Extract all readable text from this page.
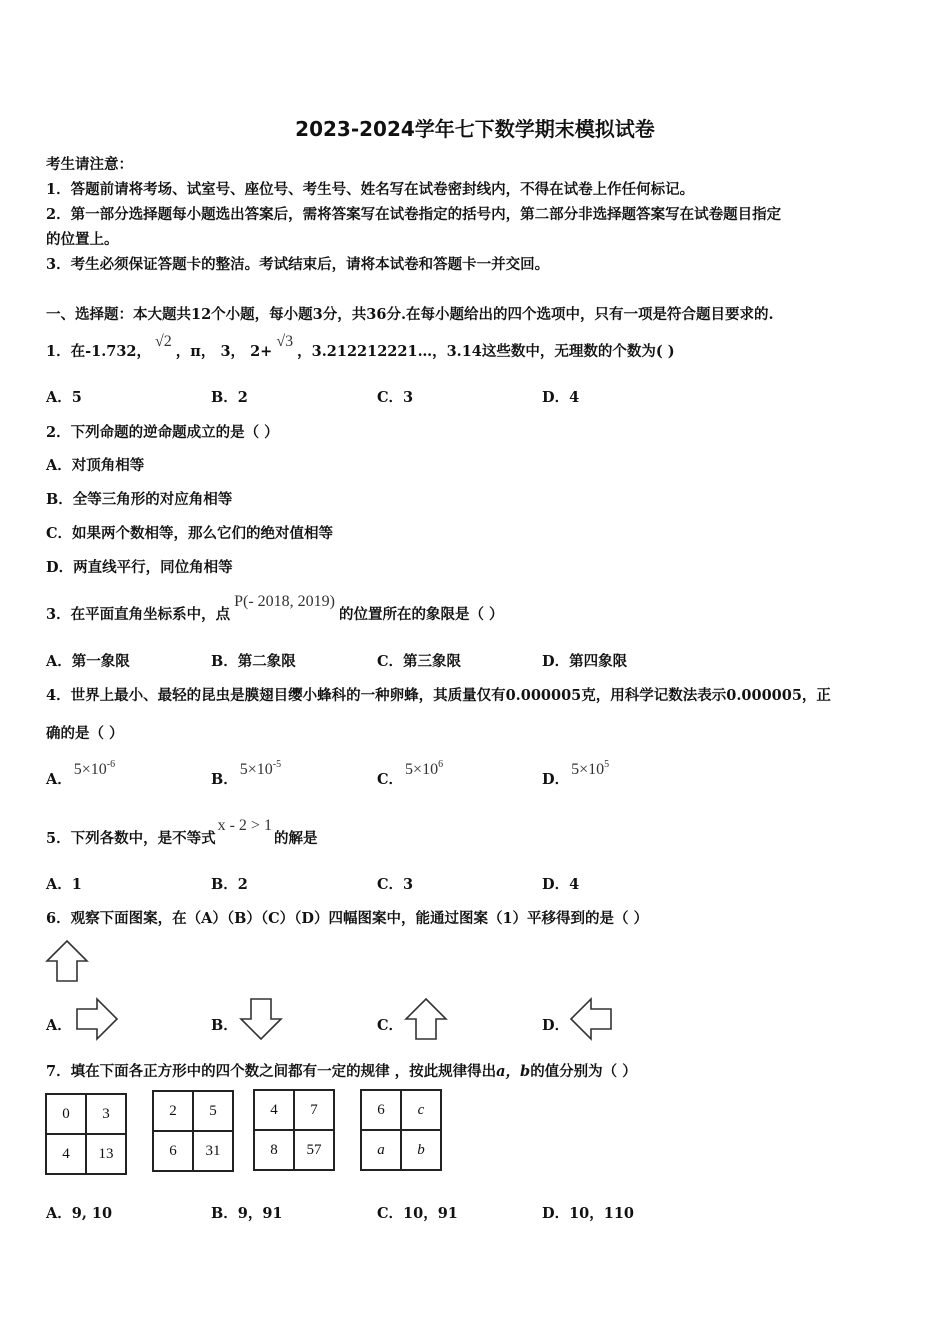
2023-2024学年七下数学期末模拟试卷
考生请注意：
1．答题前请将考场、试室号、座位号、考生号、姓名写在试卷密封线内，不得在试卷上作任何标记。
2．第一部分选择题每小题选出答案后，需将答案写在试卷指定的括号内，第二部分非选择题答案写在试卷题目指定
的位置上。
3．考生必须保证答题卡的整洁。考试结束后，请将本试卷和答题卡一并交回。
一、选择题：本大题共12个小题，每小题3分，共36分.在每小题给出的四个选项中，只有一项是符合题目要求的.
1．在-1.732，√2，π， 3， 2+√3，3.212212221…，3.14这些数中，无理数的个数为( )
A．5	B．2	C．3	D．4
2．下列命题的逆命题成立的是（ ）
A．对顶角相等
B．全等三角形的对应角相等
C．如果两个数相等，那么它们的绝对值相等
D．两直线平行，同位角相等
3．在平面直角坐标系中，点P(- 2018, 2019)的位置所在的象限是（ ）
A．第一象限	B．第二象限	C．第三象限	D．第四象限
4．世界上最小、最轻的昆虫是膜翅目缨小蜂科的一种卵蜂，其质量仅有0.000005克，用科学记数法表示0.000005，正
确的是（ ）
A．$5\times 10^{-6}$
B．$5\times 10^{-5}$
C．$5\times 10^6$
D．$5\times 10^5$
5．下列各数中，是不等式x - 2 > 1的解是
A．1	B．2	C．3	D．4
6．观察下面图案，在（A）（B）（C）（D）四幅图案中，能通过图案（1）平移得到的是（ ）
A．	B．	C．	D．
7．填在下面各正方形中的四个数之间都有一定的规律 ，按此规律得出a，b的值分别为（ ）
0	3
4	13
2	5
6	31
4	7
8	57
6	c
a	b
A．9, 10	B．9，91	C．10，91	D．10，110
